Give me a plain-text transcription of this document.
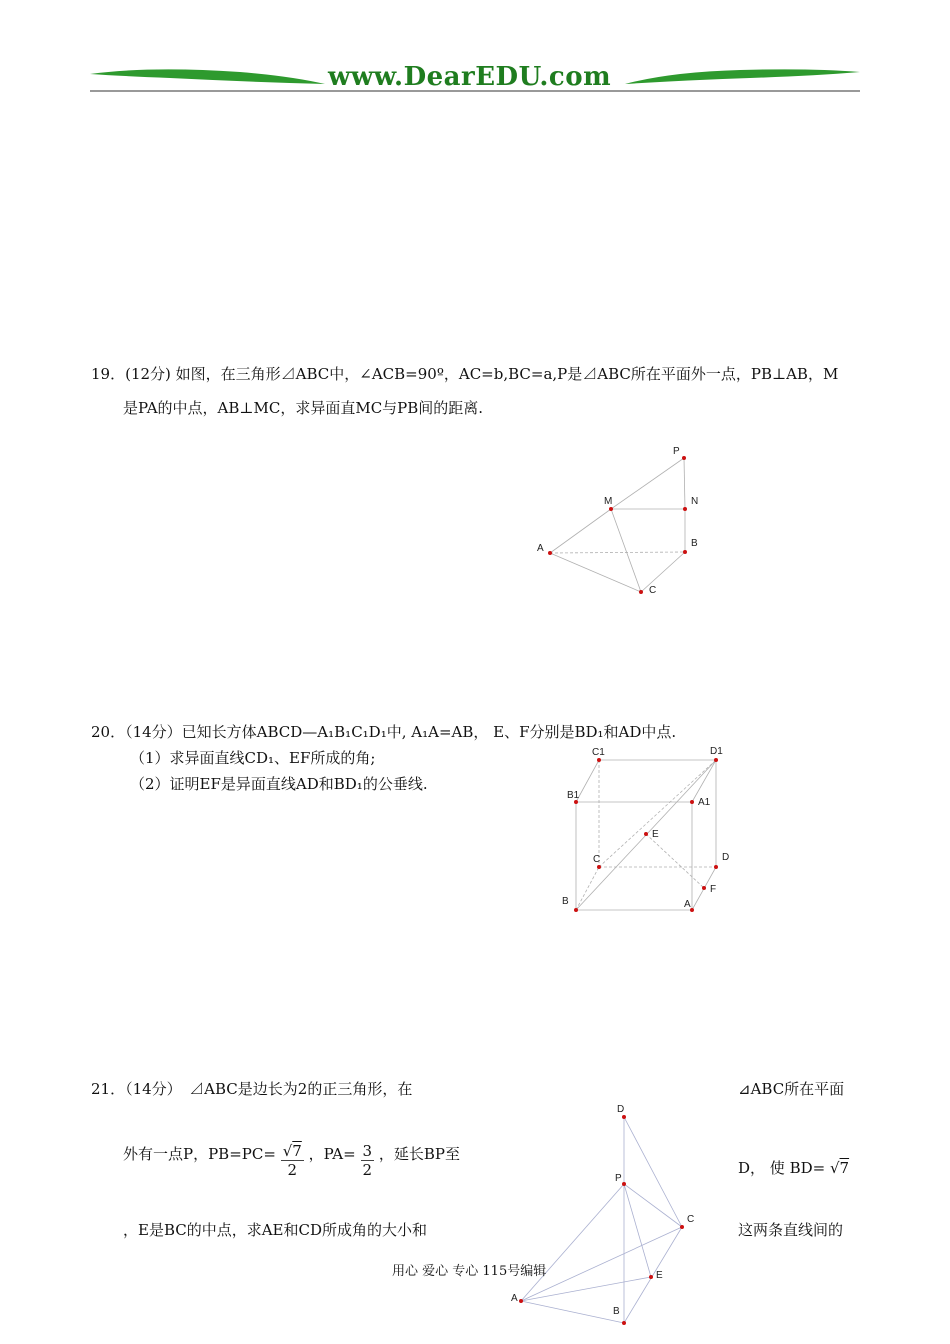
www.DearEDU.com
19．(12分) 如图，在三角形⊿ABC中，∠ACB=90º，AC=b,BC=a,P是⊿ABC所在平面外一点，PB⊥AB，M
是PA的中点，AB⊥MC，求异面直MC与PB间的距离.
P
M	N
A	B
C
20．（14分）已知长方体ABCD—A₁B₁C₁D₁中, A₁A=AB， E、F分别是BD₁和AD中点.
（1）求异面直线CD₁、EF所成的角;
（2）证明EF是异面直线AD和BD₁的公垂线.
C1	D1
B1
A1
E
C	D
F
B	A
21．（14分）　⊿ABC是边长为2的正三角形，在	⊿ABC所在平面
外有一点P，$PB=PC= \frac{√7}{2}$ ，$PA= \frac{3}{2}$ ，延长BP至
D， 使 BD= √7
，E是BC的中点，求AE和CD所成角的大小和	这两条直线间的
D
P
C
E
A
B
用心 爱心 专心 115号编辑
